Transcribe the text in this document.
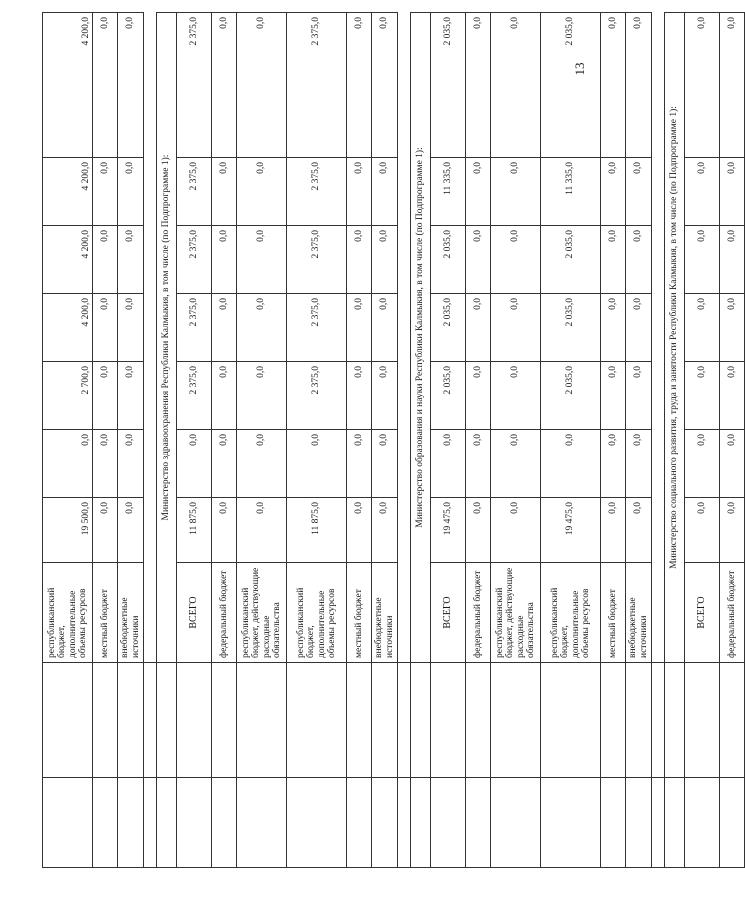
		республиканский бюджет, дополнительные объемы ресурсов	19 500,0	0,0	2 700,0	4 200,0	4 200,0	4 200,0	4 200,0
		местный бюджет	0,0	0,0	0,0	0,0	0,0	0,0	0,0
		внебюджетные источники	0,0	0,0	0,0	0,0	0,0	0,0	0,0

		Министерство здравоохранения Республики Калмыкия, в том числе (по Подпрограмме 1):							
		ВСЕГО	11 875,0	0,0	2 375,0	2 375,0	2 375,0	2 375,0	2 375,0
		федеральный бюджет	0,0	0,0	0,0	0,0	0,0	0,0	0,0
		республиканский бюджет, действующие расходные обязательства	0,0	0,0	0,0	0,0	0,0	0,0	0,0
		республиканский бюджет, дополнительные объемы ресурсов	11 875,0	0,0	2 375,0	2 375,0	2 375,0	2 375,0	2 375,0
		местный бюджет	0,0	0,0	0,0	0,0	0,0	0,0	0,0
		внебюджетные источники	0,0	0,0	0,0	0,0	0,0	0,0	0,0

		Министерство образования и науки Республики Калмыкия, в том числе (по Подпрограмме 1):							
		ВСЕГО	19 475,0	0,0	2 035,0	2 035,0	2 035,0	11 335,0	2 035,0
		федеральный бюджет	0,0	0,0	0,0	0,0	0,0	0,0	0,0
		республиканский бюджет, действующие расходные обязательства	0,0	0,0	0,0	0,0	0,0	0,0	0,0
		республиканский бюджет, дополнительные объемы ресурсов	19 475,0	0,0	2 035,0	2 035,0	2 035,0	11 335,0	2 035,0
		местный бюджет	0,0	0,0	0,0	0,0	0,0	0,0	0,0
		внебюджетные источники	0,0	0,0	0,0	0,0	0,0	0,0	0,0

		Министерство социального развития, труда и занятости Республики Калмыкия, в том числе (по Подпрограмме 1):							
		ВСЕГО	0,0	0,0	0,0	0,0	0,0	0,0	0,0
		федеральный бюджет	0,0	0,0	0,0	0,0	0,0	0,0	0,0
13
